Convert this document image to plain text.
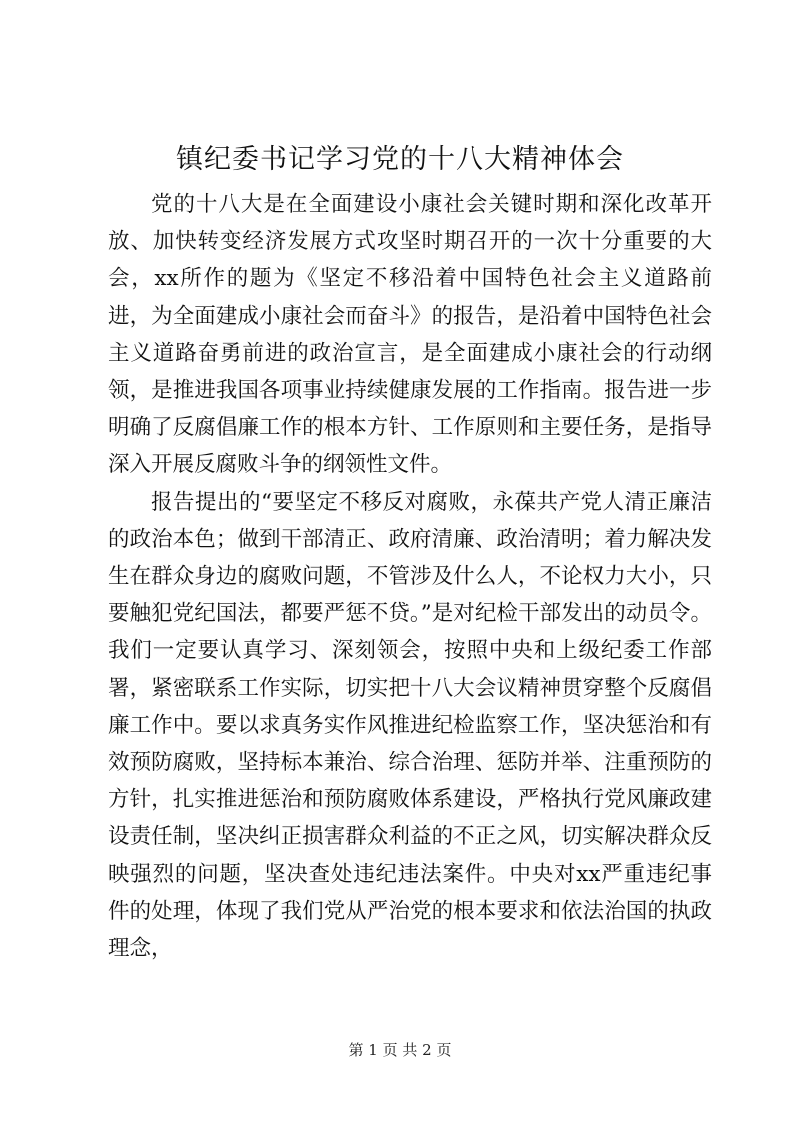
镇纪委书记学习党的十八大精神体会

党的十八大是在全面建设小康社会关键时期和深化改革开放、加快转变经济发展方式攻坚时期召开的一次十分重要的大会，xx所作的题为《坚定不移沿着中国特色社会主义道路前进，为全面建成小康社会而奋斗》的报告，是沿着中国特色社会主义道路奋勇前进的政治宣言，是全面建成小康社会的行动纲领，是推进我国各项事业持续健康发展的工作指南。报告进一步明确了反腐倡廉工作的根本方针、工作原则和主要任务，是指导深入开展反腐败斗争的纲领性文件。

报告提出的“要坚定不移反对腐败，永葆共产党人清正廉洁的政治本色；做到干部清正、政府清廉、政治清明；着力解决发生在群众身边的腐败问题，不管涉及什么人，不论权力大小，只要触犯党纪国法，都要严惩不贷。”是对纪检干部发出的动员令。我们一定要认真学习、深刻领会，按照中央和上级纪委工作部署，紧密联系工作实际，切实把十八大会议精神贯穿整个反腐倡廉工作中。要以求真务实作风推进纪检监察工作，坚决惩治和有效预防腐败，坚持标本兼治、综合治理、惩防并举、注重预防的方针，扎实推进惩治和预防腐败体系建设，严格执行党风廉政建设责任制，坚决纠正损害群众利益的不正之风，切实解决群众反映强烈的问题，坚决查处违纪违法案件。中央对xx严重违纪事件的处理，体现了我们党从严治党的根本要求和依法治国的执政理念，

第 1 页 共 2 页
